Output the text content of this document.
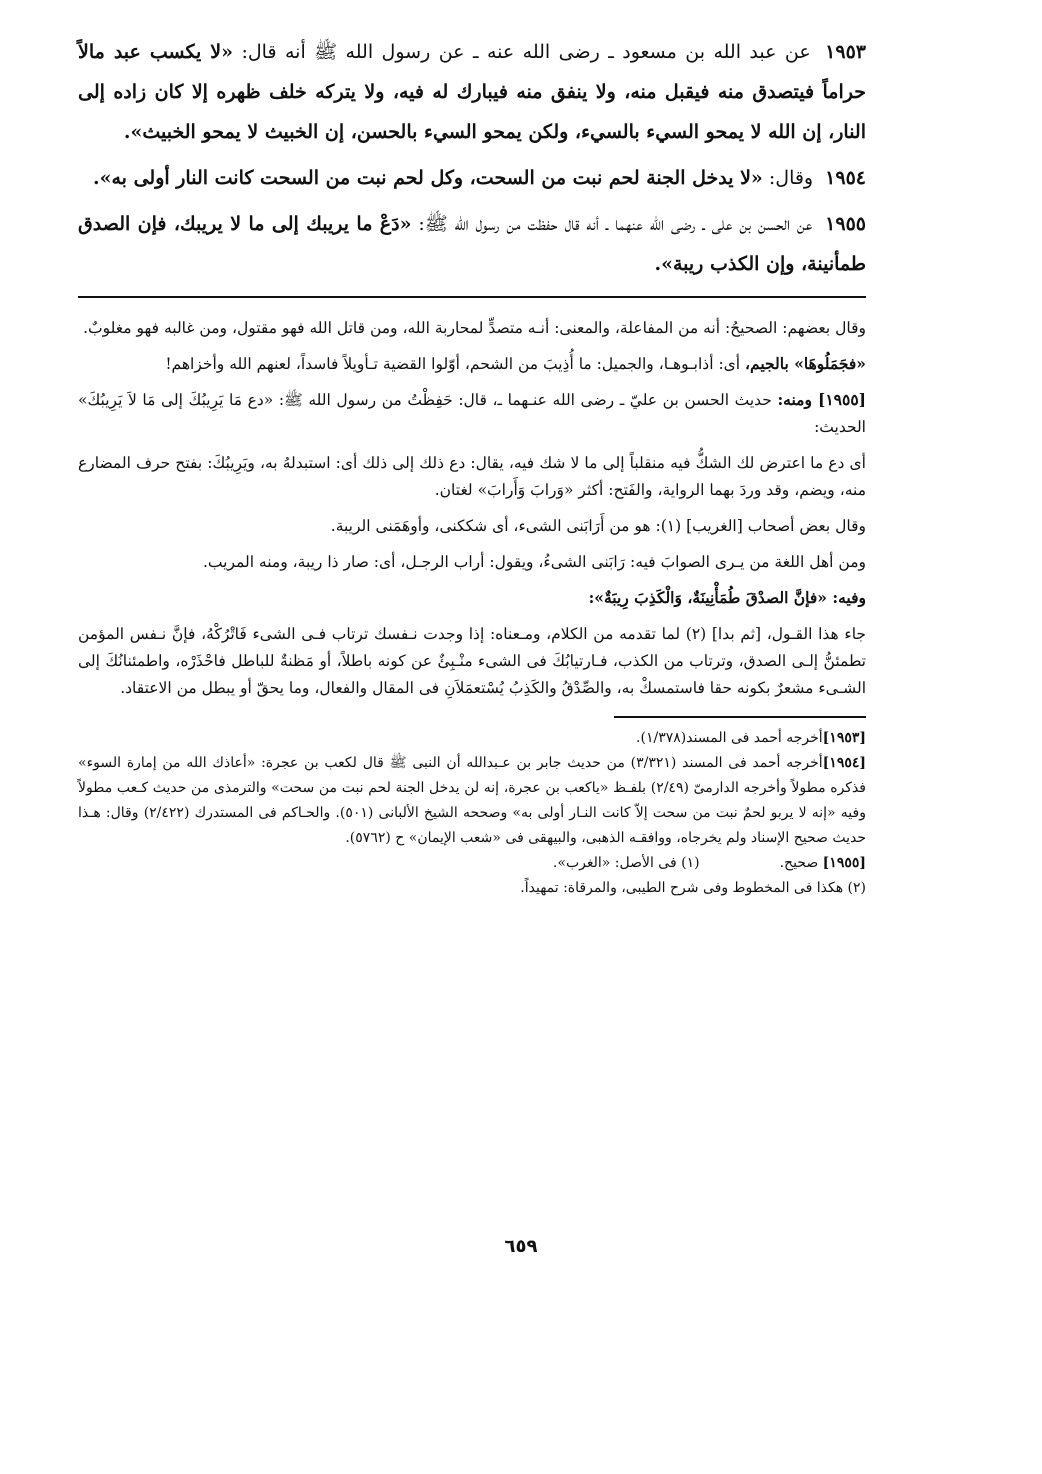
١٩٥٣ عن عبد الله بن مسعود ـ رضى الله عنه ـ عن رسول الله ﷺ أنه قال: «لا يكسب عبد مالاً حراماً فيتصدق منه فيقبل منه، ولا ينفق منه فيبارك له فيه، ولا يتركه خلف ظهره إلا كان زاده إلى النار، إن الله لا يمحو السيء بالسيء، ولكن يمحو السيء بالحسن، إن الخبيث لا يمحو الخبيث».

١٩٥٤ وقال: «لا يدخل الجنة لحم نبت من السحت، وكل لحم نبت من السحت كانت النار أولى به».

١٩٥٥ عن الحسن بن على ـ رضى الله عنهما ـ أنه قال حفظت من رسول الله ﷺ: «دَعْ ما يريبك إلى ما لا يريبك، فإن الصدق طمأنينة، وإن الكذب ريبة».

وقال بعضهم: الصحيحُ: أنه من المفاعلة، والمعنى: أنـه متصدٍّ لمحاربة الله، ومن قاتل الله فهو مقتول، ومن غالبه فهو مغلوبٌ.

«فجَمَلُوهَا» بالجيم، أى: أذابـوهـا، والجميل: ما أُذِيبَ من الشحم، أوّلوا القضية تـأويلاً فاسداً، لعنهم الله وأخزاهم!

[١٩٥٥] ومنه: حديث الحسن بن عليّ ـ رضى الله عنـهما ـ، قال: حَفِظْتُ من رسول الله ﷺ: «دع مَا يَرِيبُكَ إلى مَا لاَ يَرِيبُكَ» الحديث:

أى دع ما اعترض لك الشكُّ فيه منقلباً إلى ما لا شك فيه، يقال: دع ذلك إلى ذلك أى: استبدلهُ به، ويَرِيبُكَ: بفتح حرف المضارع منه، ويضم، وقد وردَ بهما الرواية، والفَتح: أكثر «وَرابَ وَأَرابَ» لغتان.

وقال بعض أصحاب [الغريب] (١): هو من أَرَابَنى الشىء، أى شككنى، وأوهَمَنى الريبة.

ومن أهل اللغة من يـرى الصوابَ فيه: رَابَنى الشىءُ، ويقول: أراب الرجـل، أى: صار ذا ريبة، ومنه المريب.

وفيه: «فإنَّ الصدْقَ طُمَأْنِينَةٌ، وَالْكَذِبَ رِيبَةٌ»:

جاء هذا القـول، [ثم بدا] (٢) لما تقدمه من الكلام، ومـعناه: إذا وجدت نـفسك ترتاب فـى الشىء فَاتْرُكْهُ، فإنَّ نـفس المؤمن تطمئنُّ إلـى الصدق، وترتاب من الكذب، فـارتيابُكَ فى الشىء منْـبِئٌ عن كونه باطلاً، أو مَظنةٌ للباطل فاحْذَرْه، واطمئنانُكَ إلى الشـىء مشعرٌ بكونه حقا فاستمسكْ به، والصِّدْقُ والكَذِبُ يُسْتعمَلاَنِ فى المقال والفعال، وما يحقّ أو يبطل من الاعتقاد.

[١٩٥٣]أخرجه أحمد فى المسند(١/٣٧٨).

[١٩٥٤]أخرجه أحمد فى المسند (٣/٣٢١) من حديث جابر بن عـبدالله أن النبى ﷺ قال لكعب بن عجرة: «أعاذك الله من إمارة السوء» فذكره مطولاً وأخرجه الدارمىّ (٢/٤٩) بلفـظ «ياكعب بن عجرة، إنه لن يدخل الجنة لحم نبت من سحت» والترمذى من حديث كـعب مطولاً وفيه «إنه لا يربو لحمٌ نبت من سحت إلاّ كانت النـار أولى به» وصححه الشيخ الألبانى (٥٠١). والحـاكم فى المستدرك (٢/٤٢٢) وقال: هـذا حديث صحيح الإسناد ولم يخرجاه، ووافقـه الذهبى، والبيهقى فى «شعب الإيمان» ح (٥٧٦٢).

[١٩٥٥] صحيح.
(١) فى الأصل: «الغرب».

(٢) هكذا فى المخطوط وفى شرح الطيبى، والمرقاة: تمهيداً.

٦٥٩
